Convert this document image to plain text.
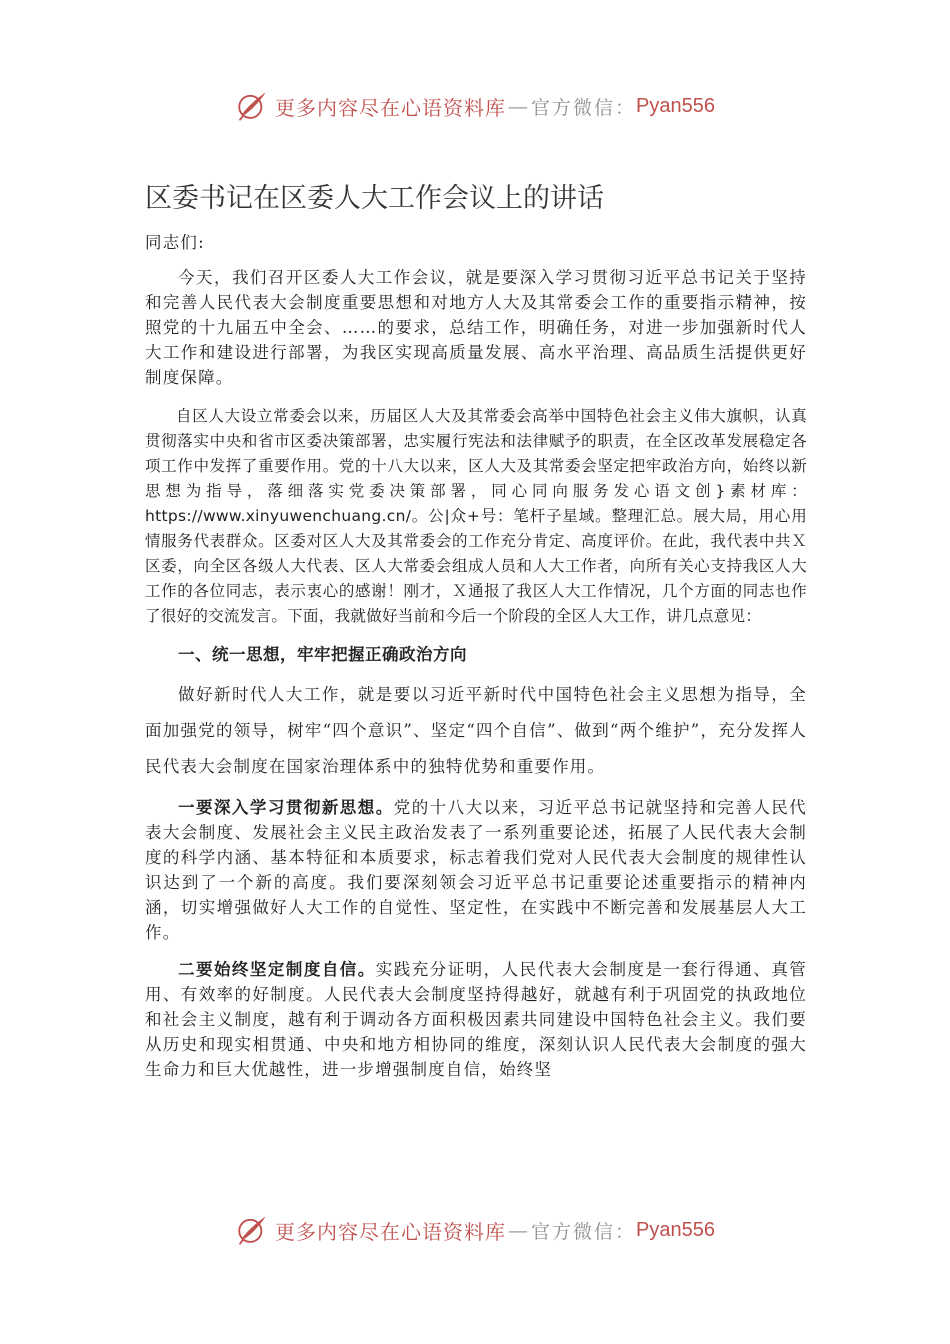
更多内容尽在心语资料库 — 官方微信： Pyan556
区委书记在区委人大工作会议上的讲话

同志们:

今天，我们召开区委人大工作会议，就是要深入学习贯彻习近平总书记关于坚持和完善人民代表大会制度重要思想和对地方人大及其常委会工作的重要指示精神，按照党的十九届五中全会、……的要求，总结工作，明确任务，对进一步加强新时代人大工作和建设进行部署，为我区实现高质量发展、高水平治理、高品质生活提供更好制度保障。

自区人大设立常委会以来，历届区人大及其常委会高举中国特色社会主义伟大旗帜，认真贯彻落实中央和省市区委决策部署，忠实履行宪法和法律赋予的职责，在全区改革发展稳定各项工作中发挥了重要作用。党的十八大以来，区人大及其常委会坚定把牢政治方向，始终以新思想为指导，落细落实党委决策部署，同心同向服务发心语文创}素材库：https://www.xinyuwenchuang.cn/。公|众+号：笔杆子星域。整理汇总。展大局，用心用情服务代表群众。区委对区人大及其常委会的工作充分肯定、高度评价。在此，我代表中共Ｘ区委，向全区各级人大代表、区人大常委会组成人员和人大工作者，向所有关心支持我区人大工作的各位同志，表示衷心的感谢！刚才，Ｘ通报了我区人大工作情况，几个方面的同志也作了很好的交流发言。下面，我就做好当前和今后一个阶段的全区人大工作，讲几点意见：

一、统一思想，牢牢把握正确政治方向

做好新时代人大工作，就是要以习近平新时代中国特色社会主义思想为指导，全面加强党的领导，树牢“四个意识”、坚定“四个自信”、做到“两个维护”，充分发挥人民代表大会制度在国家治理体系中的独特优势和重要作用。

一要深入学习贯彻新思想。党的十八大以来，习近平总书记就坚持和完善人民代表大会制度、发展社会主义民主政治发表了一系列重要论述，拓展了人民代表大会制度的科学内涵、基本特征和本质要求，标志着我们党对人民代表大会制度的规律性认识达到了一个新的高度。我们要深刻领会习近平总书记重要论述重要指示的精神内涵，切实增强做好人大工作的自觉性、坚定性，在实践中不断完善和发展基层人大工作。

二要始终坚定制度自信。实践充分证明，人民代表大会制度是一套行得通、真管用、有效率的好制度。人民代表大会制度坚持得越好，就越有利于巩固党的执政地位和社会主义制度，越有利于调动各方面积极因素共同建设中国特色社会主义。我们要从历史和现实相贯通、中央和地方相协同的维度，深刻认识人民代表大会制度的强大生命力和巨大优越性，进一步增强制度自信，始终坚

更多内容尽在心语资料库 — 官方微信： Pyan556
